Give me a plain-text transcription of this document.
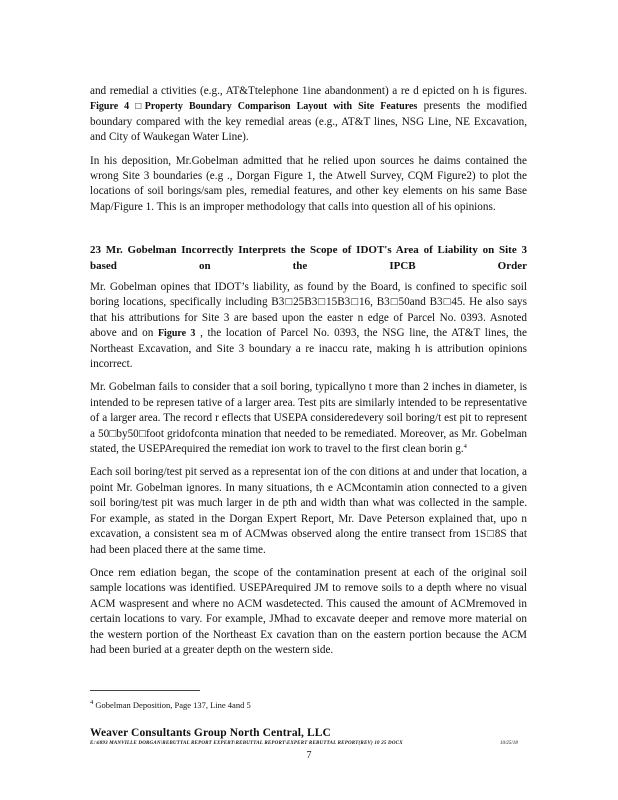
and remedial a ctivities (e.g., AT&Ttelephone 1ine abandonment) a re d epicted on h is figures. Figure 4 □Property Boundary Comparison Layout with Site Features presents the modified boundary compared with the key remedial areas (e.g., AT&T lines, NSG Line, NE Excavation, and City of Waukegan Water Line).

In his deposition, Mr.Gobelman admitted that he relied upon sources he daims contained the wrong Site 3 boundaries (e.g ., Dorgan Figure 1, the Atwell Survey, CQM Figure2) to plot the locations of soil borings/sam ples, remedial features, and other key elements on his same Base Map/Figure 1. This is an improper methodology that calls into question all of his opinions.

23 Mr. Gobelman Incorrectly Interprets the Scope of IDOT's Area of Liability on Site 3 based on the IPCB Order

Mr. Gobelman opines that IDOT’s liability, as found by the Board, is confined to specific soil boring locations, specifically including B3□25B3□15B3□16, B3□50and B3□45. He also says that his attributions for Site 3 are based upon the easter n edge of Parcel No. 0393. Asnoted above and on Figure 3 , the location of Parcel No. 0393, the NSG line, the AT&T lines, the Northeast Excavation, and Site 3 boundary a re inaccu rate, making h is attribution opinions incorrect.

Mr. Gobelman fails to consider that a soil boring, typicallyno t more than 2 inches in diameter, is intended to be represen tative of a larger area. Test pits are similarly intended to be representative of a larger area. The record r eflects that USEPA consideredevery soil boring/t est pit to represent a 50□by50□foot gridofconta mination that needed to be remediated. Moreover, as Mr. Gobelman stated, the USEPArequired the remediat ion work to travel to the first clean borin g.$^4$

Each soil boring/test pit served as a representat ion of the con ditions at and under that location, a point Mr. Gobelman ignores. In many situations, th e ACMcontamin ation connected to a given soil boring/test pit was much larger in de pth and width than what was collected in the sample. For example, as stated in the Dorgan Expert Report, Mr. Dave Peterson explained that, upo n excavation, a consistent sea m of ACMwas observed along the entire transect from 1S□8S that had been placed there at the same time.

Once rem ediation began, the scope of the contamination present at each of the original soil sample locations was identified. USEPArequired JM to remove soils to a depth where no visual ACM waspresent and where no ACM wasdetected. This caused the amount of ACMremoved in certain locations to vary. For example, JMhad to excavate deeper and remove more material on the western portion of the Northeast Ex cavation than on the eastern portion because the ACM had been buried at a greater depth on the western side.

$^4$ Gobelman Deposition, Page 137, Line 4and 5
Weaver Consultants Group North Central, LLC
E:\6893 MANVILLE DORGAN\REBUTTAL REPORT EXPERT\REBUTTAL REPORT\EXPERT REBUTTAL REPORT(REV) 10 25 DOCX	10/25/18
7
